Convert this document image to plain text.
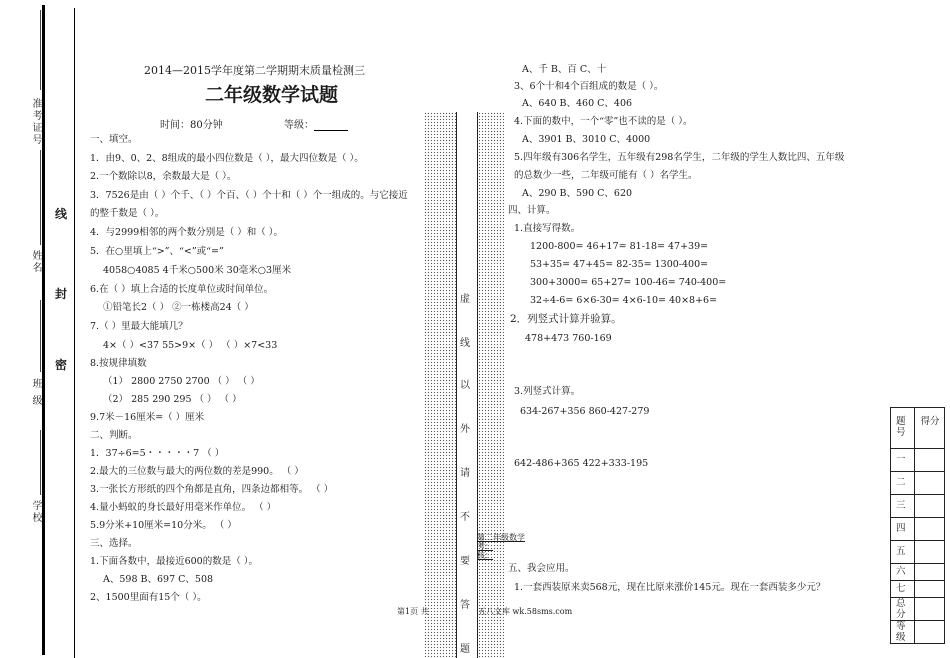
准考证号
姓名
班 级
学校
线
封
密
2014—2015学年度第二学期期末质量检测三
二年级数学试题
时间：80分钟	等级：
一、填空。
1．由9、0、2、8组成的最小四位数是（ ），最大四位数是（ ）。
2.一个数除以8，余数最大是（ ）。
3．7526是由（ ）个千、（ ）个百、（ ）个十和（ ）个一组成的。与它接近
的整千数是（ ）。
4．与2999相邻的两个数分别是（ ）和（ ）。
5．在○里填上“>”、“<”或“=”
4058○4085 4千米○500米 30毫米○3厘米
6.在（ ）填上合适的长度单位或时间单位。
①铅笔长2（ ） ②一栋楼高24（ ）
7.（ ）里最大能填几？
4×（ ）<37 55>9×（ ） （ ）×7<33
8.按规律填数
（1） 2800 2750 2700 （ ） （ ）
（2） 285 290 295 （ ） （ ）
9.7米－16厘米=（ ）厘米
二、判断。
1．37÷6=5・・・・・7 （ ）
2.最大的三位数与最大的两位数的差是990。 （ ）
3.一张长方形纸的四个角都是直角，四条边都相等。 （ ）
4.量小蚂蚁的身长最好用毫米作单位。 （ ）
5.9分米+10厘米=10分米。 （ ）
三、选择。
1.下面各数中，最接近600的数是（ ）。
A、598 B、697 C、508
2、1500里面有15个（ ）。
虚
线
以
外
请
不
要
答
题
A、千 B、百 C、十
3、6个十和4个百组成的数是（ ）。
A、640 B、460 C、406
4.下面的数中，一个“零”也不读的是（ ）。
A、3901 B、3010 C、4000
5.四年级有306名学生，五年级有298名学生，二年级的学生人数比四、五年级
的总数少一些，二年级可能有（ ）名学生。
A、290 B、590 C、620
四、计算。
1.直接写得数。
1200-800= 46+17= 81-18= 47+39=
53+35= 47+45= 82-35= 1300-400=
300+3000= 65+27= 100-46= 740-400=
32÷4-6= 6×6-30= 4×6-10= 40×8+6=
2．列竖式计算并验算。
478+473 760-169
3.列竖式计算。
634-267+356 860-427-279
642-486+365 422+333-195
第二年级数学
考：
核：
五、我会应用。
1.一套西装原来卖568元，现在比原来涨价145元。现在一套西装多少元？
第1页 共	五八文库 wk.58sms.com
题号	得分
一	
二	
三	
四	
五	
六	
七	
总分	
等级	
